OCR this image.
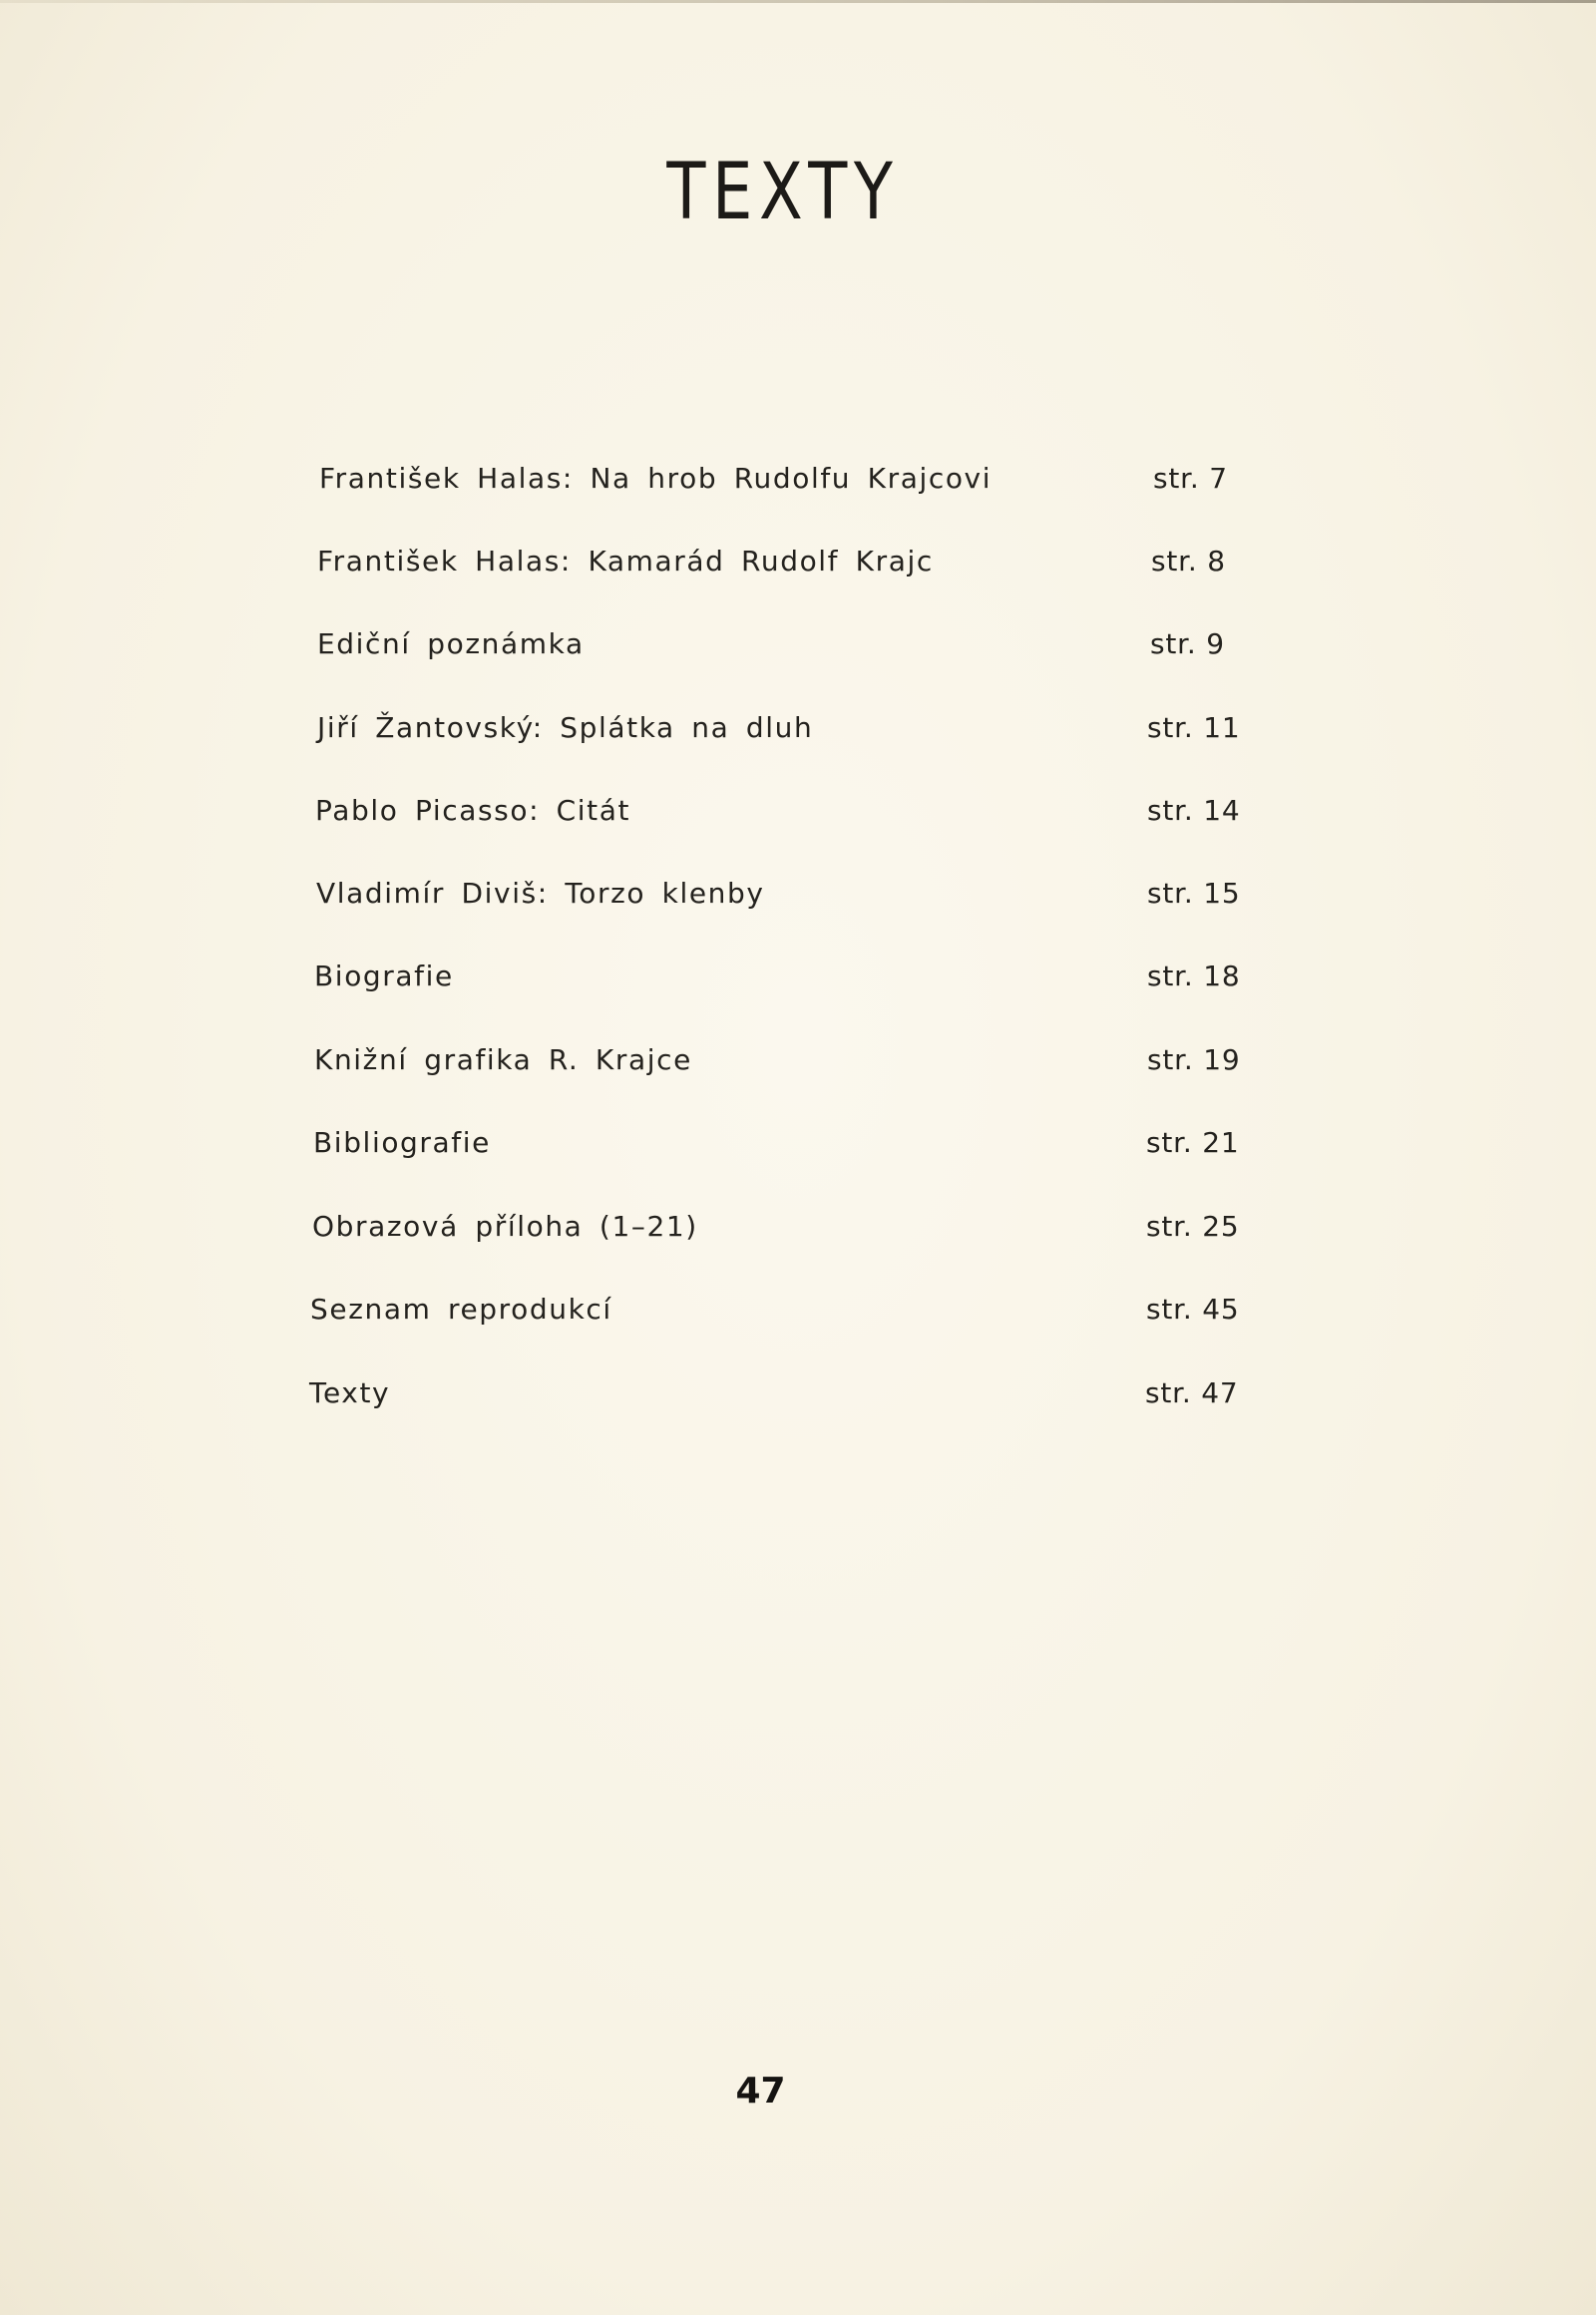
TEXTY
František Halas: Na hrob Rudolfu Krajcovi	str. 7
František Halas: Kamarád Rudolf Krajc	str. 8
Ediční poznámka	str. 9
Jiří Žantovský: Splátka na dluh	str. 11
Pablo Picasso: Citát	str. 14
Vladimír Diviš: Torzo klenby	str. 15
Biografie	str. 18
Knižní grafika R. Krajce	str. 19
Bibliografie	str. 21
Obrazová příloha (1–21)	str. 25
Seznam reprodukcí	str. 45
Texty	str. 47
47
